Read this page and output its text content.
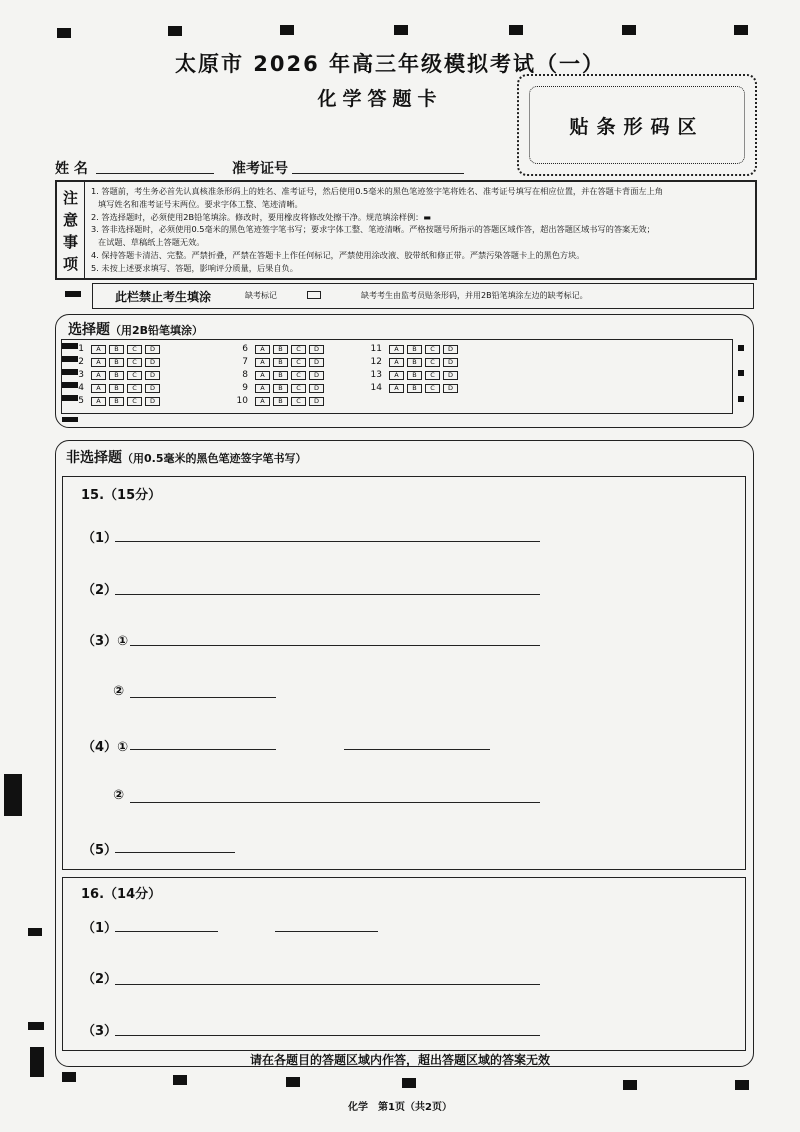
太原市 2026 年高三年级模拟考试（一）
化学答题卡
贴条形码区
姓 名	准考证号
注
意
事
项
1. 答题前，考生务必首先认真核准条形码上的姓名、准考证号，然后使用0.5毫米的黑色笔迹签字笔将姓名、准考证号填写在相应位置，并在答题卡背面左上角
填写姓名和准考证号末两位。要求字体工整、笔迹清晰。
2. 答选择题时，必须使用2B铅笔填涂。修改时，要用橡皮将修改处擦干净。规范填涂样例：▬
3. 答非选择题时，必须使用0.5毫米的黑色笔迹签字笔书写；要求字体工整、笔迹清晰。严格按题号所指示的答题区域作答，超出答题区域书写的答案无效；
在试题、草稿纸上答题无效。
4. 保持答题卡清洁、完整。严禁折叠，严禁在答题卡上作任何标记，严禁使用涂改液、胶带纸和修正带。严禁污染答题卡上的黑色方块。
5. 未按上述要求填写、答题，影响评分质量，后果自负。
此栏禁止考生填涂	缺考标记	缺考考生由监考员贴条形码，并用2B铅笔填涂左边的缺考标记。
选择题（用2B铅笔填涂）
1	A	B	C	D
2	A	B	C	D
3	A	B	C	D
4	A	B	C	D
5	A	B	C	D
6	A	B	C	D
7	A	B	C	D
8	A	B	C	D
9	A	B	C	D
10	A	B	C	D
11	A	B	C	D
12	A	B	C	D
13	A	B	C	D
14	A	B	C	D
非选择题（用0.5毫米的黑色笔迹签字笔书写）
15.（15分）
（1）
（2）
（3）①
②
（4）①
②
（5）
16.（14分）
（1）
（2）
（3）
请在各题目的答题区域内作答，超出答题区域的答案无效
化学　第1页（共2页）
